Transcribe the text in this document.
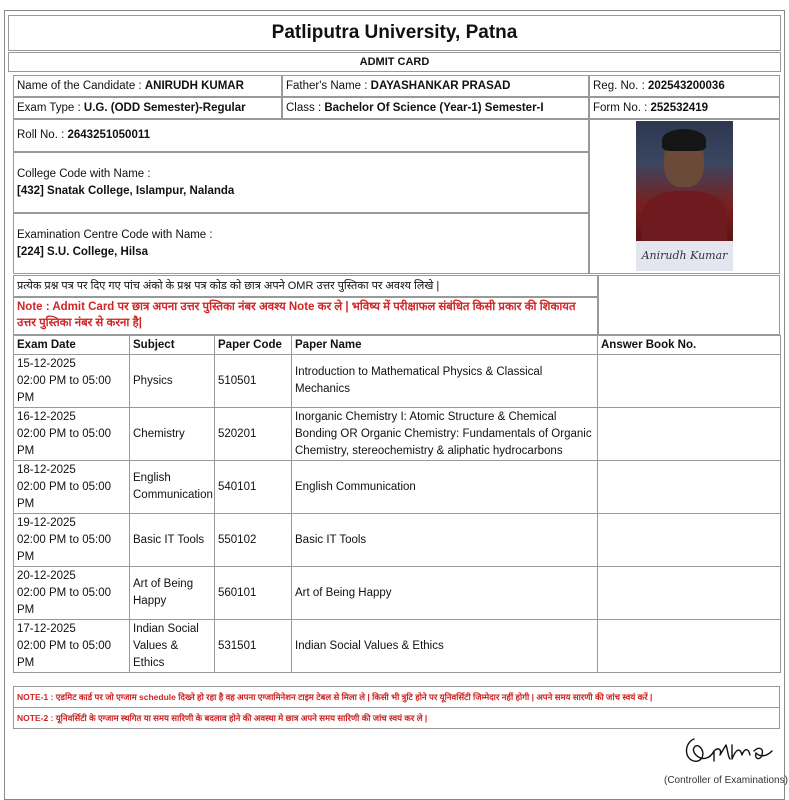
Patliputra University, Patna
ADMIT CARD
Name of the Candidate : ANIRUDH KUMAR	Father's Name : DAYASHANKAR PRASAD	Reg. No. : 202543200036
Exam Type : U.G. (ODD Semester)-Regular	Class : Bachelor Of Science (Year-1) Semester-I	Form No. : 252532419
Roll No. : 2643251050011
College Code with Name :
[432] Snatak College, Islampur, Nalanda
Examination Centre Code with Name :
[224] S.U. College, Hilsa	Anirudh Kumar
प्रत्येक प्रश्न पत्र पर दिए गए पांच अंको के प्रश्न पत्र कोड को छात्र अपने OMR उत्तर पुस्तिका पर अवश्य लिखे |
Note : Admit Card पर छात्र अपना उत्तर पुस्तिका नंबर अवश्य Note कर ले | भविष्य में परीक्षाफल संबंधित किसी प्रकार की शिकायत उत्तर पुस्तिका नंबर से करना है|
Exam Date	Subject	Paper Code	Paper Name	Answer Book No.

15-12-2025
02:00 PM to 05:00 PM	Physics	510501	Introduction to Mathematical Physics & Classical Mechanics	

16-12-2025
02:00 PM to 05:00 PM	Chemistry	520201	Inorganic Chemistry I: Atomic Structure & Chemical Bonding OR Organic Chemistry: Fundamentals of Organic Chemistry, stereochemistry & aliphatic hydrocarbons	

18-12-2025
02:00 PM to 05:00 PM	English Communication	540101	English Communication	

19-12-2025
02:00 PM to 05:00 PM	Basic IT Tools	550102	Basic IT Tools	

20-12-2025
02:00 PM to 05:00 PM	Art of Being Happy	560101	Art of Being Happy	

17-12-2025
02:00 PM to 05:00 PM	Indian Social Values & Ethics	531501	Indian Social Values & Ethics	
NOTE-1 : एडमिट कार्ड पर जो एग्जाम schedule दिख्ने हो रहा है वह अपना एग्जामिनेशन टाइम टेबल से मिला ले | किसी भी त्रुटि होने पर यूनिवर्सिटी जिम्मेदार नहीं होगी | अपने समय सारणी की जांच स्वयं करें |
NOTE-2 : यूनिवर्सिटी के एग्जाम स्थगित या समय सारिणी के बदलाव होने की अवस्था मे छात्र अपने समय सारिणी की जांच स्वयं कर ले |
(Controller of Examinations)
